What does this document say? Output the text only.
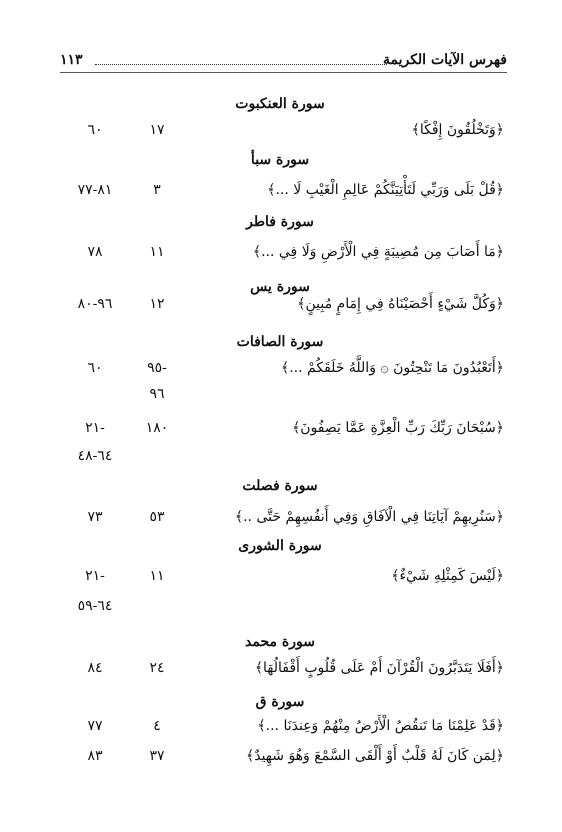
١١٣	فهرس الآيات الكريمة
سورة العنكبوت
﴿وَتَخْلُقُونَ إِفْكًا﴾
١٧
٦٠
سورة سبأ
﴿قُلْ بَلَى وَرَبِّي لَتَأْتِيَنَّكُمْ عَالِمِ الْغَيْبِ لَا ...﴾
٣
٨١-٧٧
سورة فاطر
﴿مَا أَصَابَ مِن مُصِيبَةٍ فِي الْأَرْضِ وَلَا فِي ...﴾
١١
٧٨
سورة يس
﴿وَكُلَّ شَيْءٍ أَحْصَيْنَاهُ فِي إِمَامٍ مُبِينٍ﴾
١٢
٩٦-٨٠
سورة الصافات
﴿أَتَعْبُدُونَ مَا تَنْحِتُونَ ۞ وَاللَّهُ خَلَقَكُمْ ...﴾
-٩٥
٦٠
٩٦
﴿سُبْحَانَ رَبِّكَ رَبِّ الْعِزَّةِ عَمَّا يَصِفُونَ﴾
١٨٠
-٢١
٦٤-٤٨
سورة فصلت
﴿سَنُرِيهِمْ آيَاتِنَا فِي الْآفَاقِ وَفِي أَنفُسِهِمْ حَتَّى ..﴾
٥٣
٧٣
سورة الشورى
﴿لَيْسَ كَمِثْلِهِ شَيْءٌ﴾
١١
-٢١
٦٤-٥٩
سورة محمد
﴿أَفَلَا يَتَدَبَّرُونَ الْقُرْآنَ أَمْ عَلَى قُلُوبٍ أَقْفَالُهَا﴾
٢٤
٨٤
سورة ق
﴿قَدْ عَلِمْنَا مَا تَنقُصُ الْأَرْضُ مِنْهُمْ وَعِندَنَا ...﴾
٤
٧٧
﴿لِمَن كَانَ لَهُ قَلْبٌ أَوْ أَلْقَى السَّمْعَ وَهُوَ شَهِيدٌ﴾
٣٧
٨٣
